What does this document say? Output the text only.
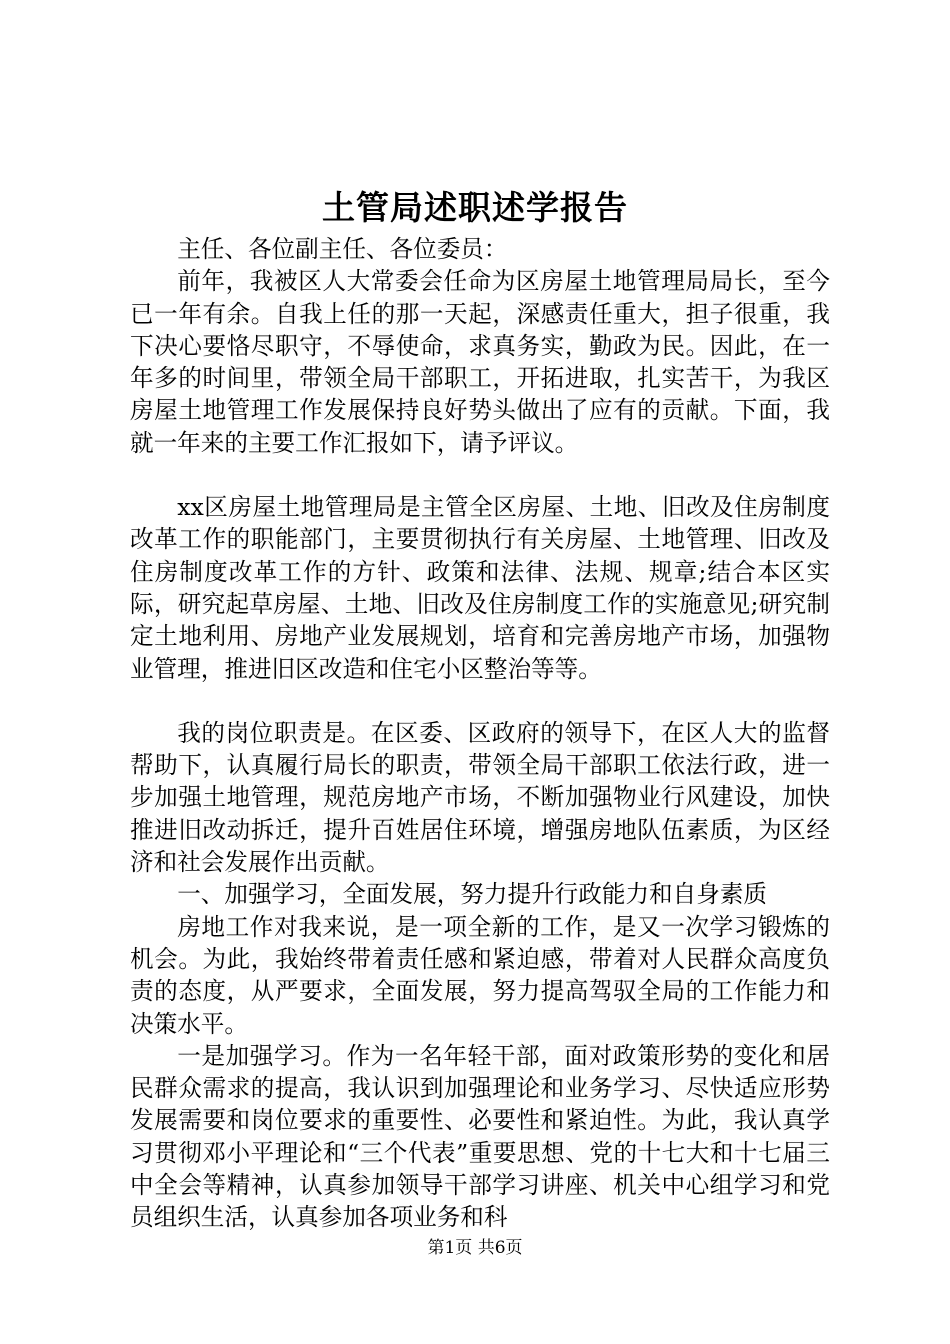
土管局述职述学报告

主任、各位副主任、各位委员：

前年，我被区人大常委会任命为区房屋土地管理局局长，至今已一年有余。自我上任的那一天起，深感责任重大，担子很重，我下决心要恪尽职守，不辱使命，求真务实，勤政为民。因此，在一年多的时间里，带领全局干部职工，开拓进取，扎实苦干，为我区房屋土地管理工作发展保持良好势头做出了应有的贡献。下面，我就一年来的主要工作汇报如下，请予评议。

xx区房屋土地管理局是主管全区房屋、土地、旧改及住房制度改革工作的职能部门，主要贯彻执行有关房屋、土地管理、旧改及住房制度改革工作的方针、政策和法律、法规、规章;结合本区实际，研究起草房屋、土地、旧改及住房制度工作的实施意见;研究制定土地利用、房地产业发展规划，培育和完善房地产市场，加强物业管理，推进旧区改造和住宅小区整治等等。

我的岗位职责是。在区委、区政府的领导下，在区人大的监督帮助下，认真履行局长的职责，带领全局干部职工依法行政，进一步加强土地管理，规范房地产市场，不断加强物业行风建设，加快推进旧改动拆迁，提升百姓居住环境，增强房地队伍素质，为区经济和社会发展作出贡献。

一、加强学习，全面发展，努力提升行政能力和自身素质

房地工作对我来说，是一项全新的工作，是又一次学习锻炼的机会。为此，我始终带着责任感和紧迫感，带着对人民群众高度负责的态度，从严要求，全面发展，努力提高驾驭全局的工作能力和决策水平。

一是加强学习。作为一名年轻干部，面对政策形势的变化和居民群众需求的提高，我认识到加强理论和业务学习、尽快适应形势发展需要和岗位要求的重要性、必要性和紧迫性。为此，我认真学习贯彻邓小平理论和“三个代表”重要思想、党的十七大和十七届三中全会等精神，认真参加领导干部学习讲座、机关中心组学习和党员组织生活，认真参加各项业务和科

第1页 共6页
